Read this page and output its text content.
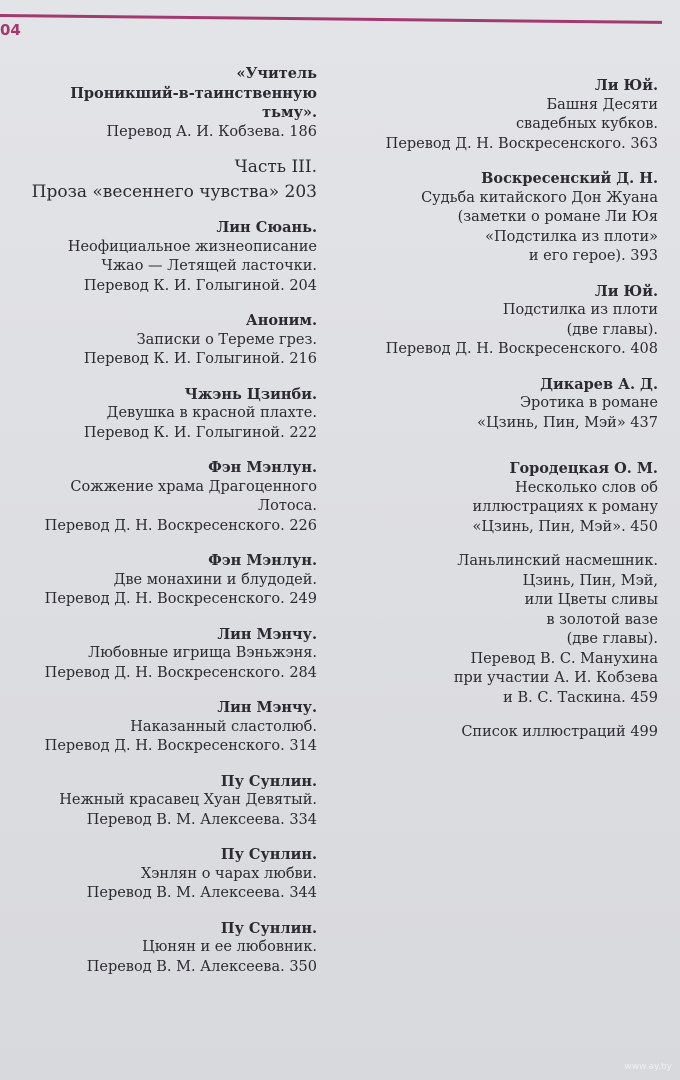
04
«Учитель
Проникший-в-таинственную
тьму».
Перевод А. И. Кобзева. 186
Часть III.
Проза «весеннего чувства» 203
Лин Сюань.
Неофициальное жизнеописание
Чжао — Летящей ласточки.
Перевод К. И. Голыгиной. 204
Аноним.
Записки о Тереме грез.
Перевод К. И. Голыгиной. 216
Чжэнь Цзинби.
Девушка в красной плахте.
Перевод К. И. Голыгиной. 222
Фэн Мэнлун.
Сожжение храма Драгоценного
Лотоса.
Перевод Д. Н. Воскресенского. 226
Фэн Мэнлун.
Две монахини и блудодей.
Перевод Д. Н. Воскресенского. 249
Лин Мэнчу.
Любовные игрища Вэньжэня.
Перевод Д. Н. Воскресенского. 284
Лин Мэнчу.
Наказанный сластолюб.
Перевод Д. Н. Воскресенского. 314
Пу Сунлин.
Нежный красавец Хуан Девятый.
Перевод В. М. Алексеева. 334
Пу Сунлин.
Хэнлян о чарах любви.
Перевод В. М. Алексеева. 344
Пу Сунлин.
Цюнян и ее любовник.
Перевод В. М. Алексеева. 350
Ли Юй.
Башня Десяти
свадебных кубков.
Перевод Д. Н. Воскресенского. 363
Воскресенский Д. Н.
Судьба китайского Дон Жуана
(заметки о романе Ли Юя
«Подстилка из плоти»
и его герое). 393
Ли Юй.
Подстилка из плоти
(две главы).
Перевод Д. Н. Воскресенского. 408
Дикарев А. Д.
Эротика в романе
«Цзинь, Пин, Мэй» 437
Городецкая О. М.
Несколько слов об
иллюстрациях к роману
«Цзинь, Пин, Мэй». 450
Ланьлинский насмешник.
Цзинь, Пин, Мэй,
или Цветы сливы
в золотой вазе
(две главы).
Перевод В. С. Манухина
при участии А. И. Кобзева
и В. С. Таскина. 459
Список иллюстраций 499
www.ay.by
